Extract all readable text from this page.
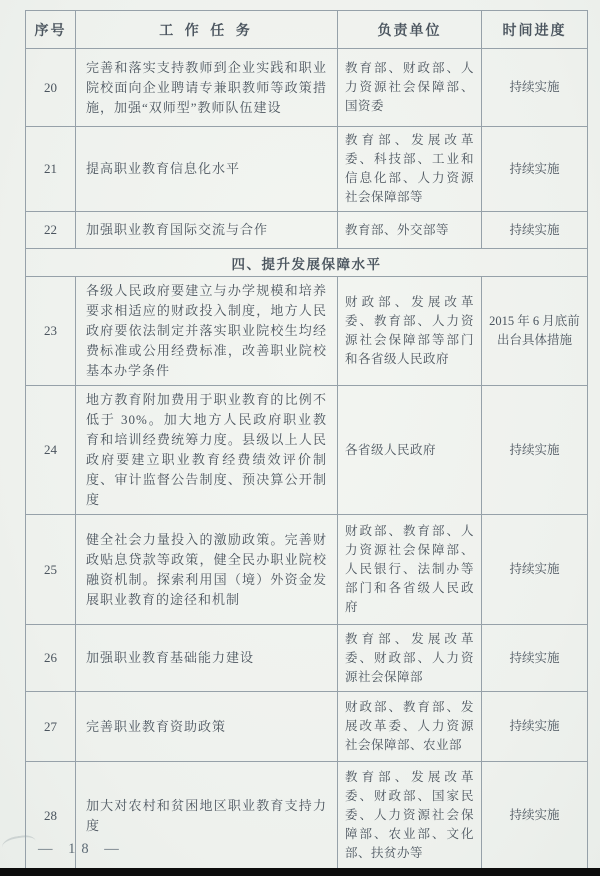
序号	工 作 任 务	负责单位	时间进度
20	完善和落实支持教师到企业实践和职业院校面向企业聘请专兼职教师等政策措施，加强“双师型”教师队伍建设	教育部、财政部、人力资源社会保障部、国资委	持续实施
21	提高职业教育信息化水平	教育部、发展改革委、科技部、工业和信息化部、人力资源社会保障部等	持续实施
22	加强职业教育国际交流与合作	教育部、外交部等	持续实施
四、提升发展保障水平			
23	各级人民政府要建立与办学规模和培养要求相适应的财政投入制度，地方人民政府要依法制定并落实职业院校生均经费标准或公用经费标准，改善职业院校基本办学条件	财政部、发展改革委、教育部、人力资源社会保障部等部门和各省级人民政府	2015 年 6 月底前出台具体措施
24	地方教育附加费用于职业教育的比例不低于 30%。加大地方人民政府职业教育和培训经费统筹力度。县级以上人民政府要建立职业教育经费绩效评价制度、审计监督公告制度、预决算公开制度	各省级人民政府	持续实施
25	健全社会力量投入的激励政策。完善财政贴息贷款等政策，健全民办职业院校融资机制。探索利用国（境）外资金发展职业教育的途径和机制	财政部、教育部、人力资源社会保障部、人民银行、法制办等部门和各省级人民政府	持续实施
26	加强职业教育基础能力建设	教育部、发展改革委、财政部、人力资源社会保障部	持续实施
27	完善职业教育资助政策	财政部、教育部、发展改革委、人力资源社会保障部、农业部	持续实施
28	加大对农村和贫困地区职业教育支持力度	教育部、发展改革委、财政部、国家民委、人力资源社会保障部、农业部、文化部、扶贫办等	持续实施
— 18 —
